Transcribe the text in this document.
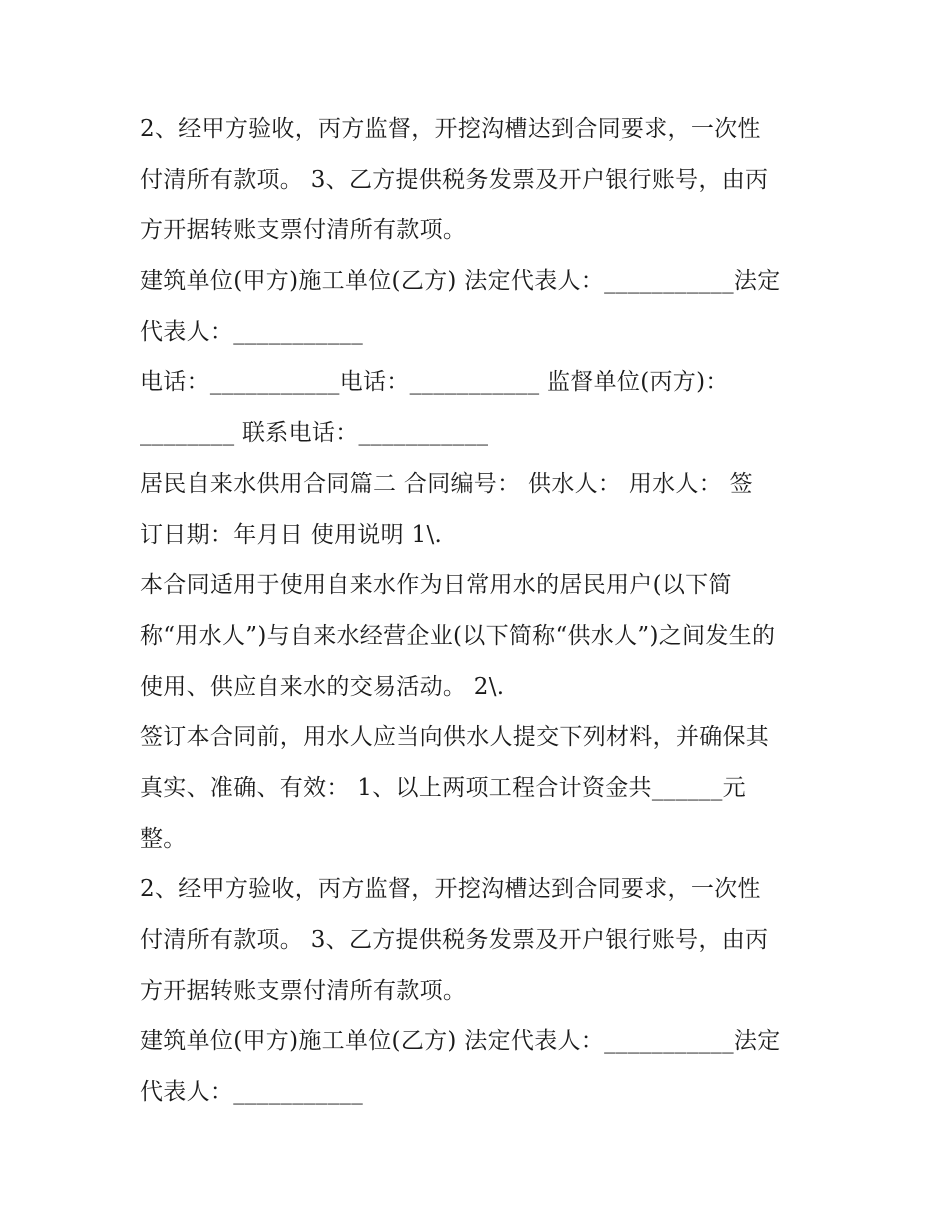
2、经甲方验收，丙方监督，开挖沟槽达到合同要求，一次性
付清所有款项。 3、乙方提供税务发票及开户银行账号，由丙
方开据转账支票付清所有款项。
建筑单位(甲方)施工单位(乙方) 法定代表人：___________法定
代表人：___________
电话：___________电话：___________ 监督单位(丙方)：
________ 联系电话：___________
居民自来水供用合同篇二 合同编号： 供水人： 用水人： 签
订日期：年月日 使用说明 1\.
本合同适用于使用自来水作为日常用水的居民用户(以下简
称“用水人”)与自来水经营企业(以下简称“供水人”)之间发生的
使用、供应自来水的交易活动。 2\.
签订本合同前，用水人应当向供水人提交下列材料，并确保其
真实、准确、有效： 1、以上两项工程合计资金共______元
整。
2、经甲方验收，丙方监督，开挖沟槽达到合同要求，一次性
付清所有款项。 3、乙方提供税务发票及开户银行账号，由丙
方开据转账支票付清所有款项。
建筑单位(甲方)施工单位(乙方) 法定代表人：___________法定
代表人：___________
